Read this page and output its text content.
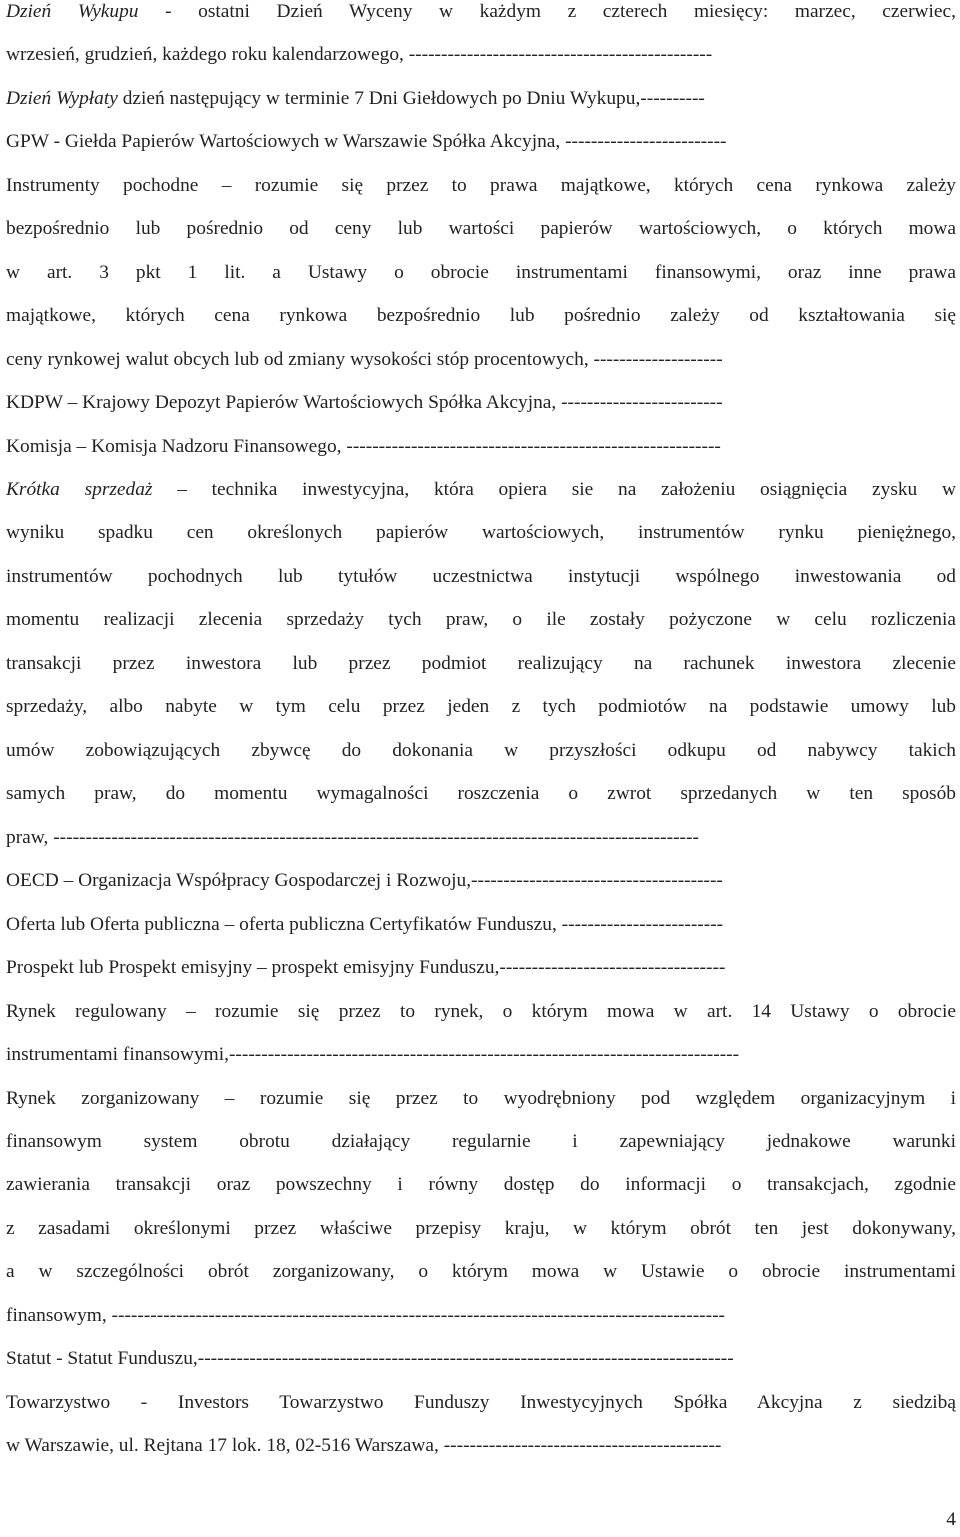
Dzień Wykupu - ostatni Dzień Wyceny w każdym z czterech miesięcy: marzec, czerwiec,
wrzesień, grudzień, każdego roku kalendarzowego, -----------------------------------------------
Dzień Wypłaty dzień następujący w terminie 7 Dni Giełdowych po Dniu Wykupu,----------
GPW - Giełda Papierów Wartościowych w Warszawie Spółka Akcyjna, -------------------------
Instrumenty pochodne – rozumie się przez to prawa majątkowe, których cena rynkowa zależy
bezpośrednio lub pośrednio od ceny lub wartości papierów wartościowych, o których mowa
w art. 3 pkt 1 lit. a Ustawy o obrocie instrumentami finansowymi, oraz inne prawa
majątkowe, których cena rynkowa bezpośrednio lub pośrednio zależy od kształtowania się
ceny rynkowej walut obcych lub od zmiany wysokości stóp procentowych, --------------------
KDPW – Krajowy Depozyt Papierów Wartościowych Spółka Akcyjna, -------------------------
Komisja – Komisja Nadzoru Finansowego, ----------------------------------------------------------
Krótka sprzedaż – technika inwestycyjna, która opiera sie na założeniu osiągnięcia zysku w
wyniku spadku cen określonych papierów wartościowych, instrumentów rynku pieniężnego,
instrumentów pochodnych lub tytułów uczestnictwa instytucji wspólnego inwestowania od
momentu realizacji zlecenia sprzedaży tych praw, o ile zostały pożyczone w celu rozliczenia
transakcji przez inwestora lub przez podmiot realizujący na rachunek inwestora zlecenie
sprzedaży, albo nabyte w tym celu przez jeden z tych podmiotów na podstawie umowy lub
umów zobowiązujących zbywcę do dokonania w przyszłości odkupu od nabywcy takich
samych praw, do momentu wymagalności roszczenia o zwrot sprzedanych w ten sposób
praw, ----------------------------------------------------------------------------------------------------
OECD – Organizacja Współpracy Gospodarczej i Rozwoju,---------------------------------------
Oferta lub Oferta publiczna – oferta publiczna Certyfikatów Funduszu, -------------------------
Prospekt lub Prospekt emisyjny – prospekt emisyjny Funduszu,-----------------------------------
Rynek regulowany – rozumie się przez to rynek, o którym mowa w art. 14 Ustawy o obrocie
instrumentami finansowymi,-------------------------------------------------------------------------------
Rynek zorganizowany – rozumie się przez to wyodrębniony pod względem organizacyjnym i
finansowym system obrotu działający regularnie i zapewniający jednakowe warunki
zawierania transakcji oraz powszechny i równy dostęp do informacji o transakcjach, zgodnie
z zasadami określonymi przez właściwe przepisy kraju, w którym obrót ten jest dokonywany,
a w szczególności obrót zorganizowany, o którym mowa w Ustawie o obrocie instrumentami
finansowym, -----------------------------------------------------------------------------------------------
Statut - Statut Funduszu,-----------------------------------------------------------------------------------
Towarzystwo - Investors Towarzystwo Funduszy Inwestycyjnych Spółka Akcyjna z siedzibą
w Warszawie, ul. Rejtana 17 lok. 18, 02-516 Warszawa, -------------------------------------------
4
